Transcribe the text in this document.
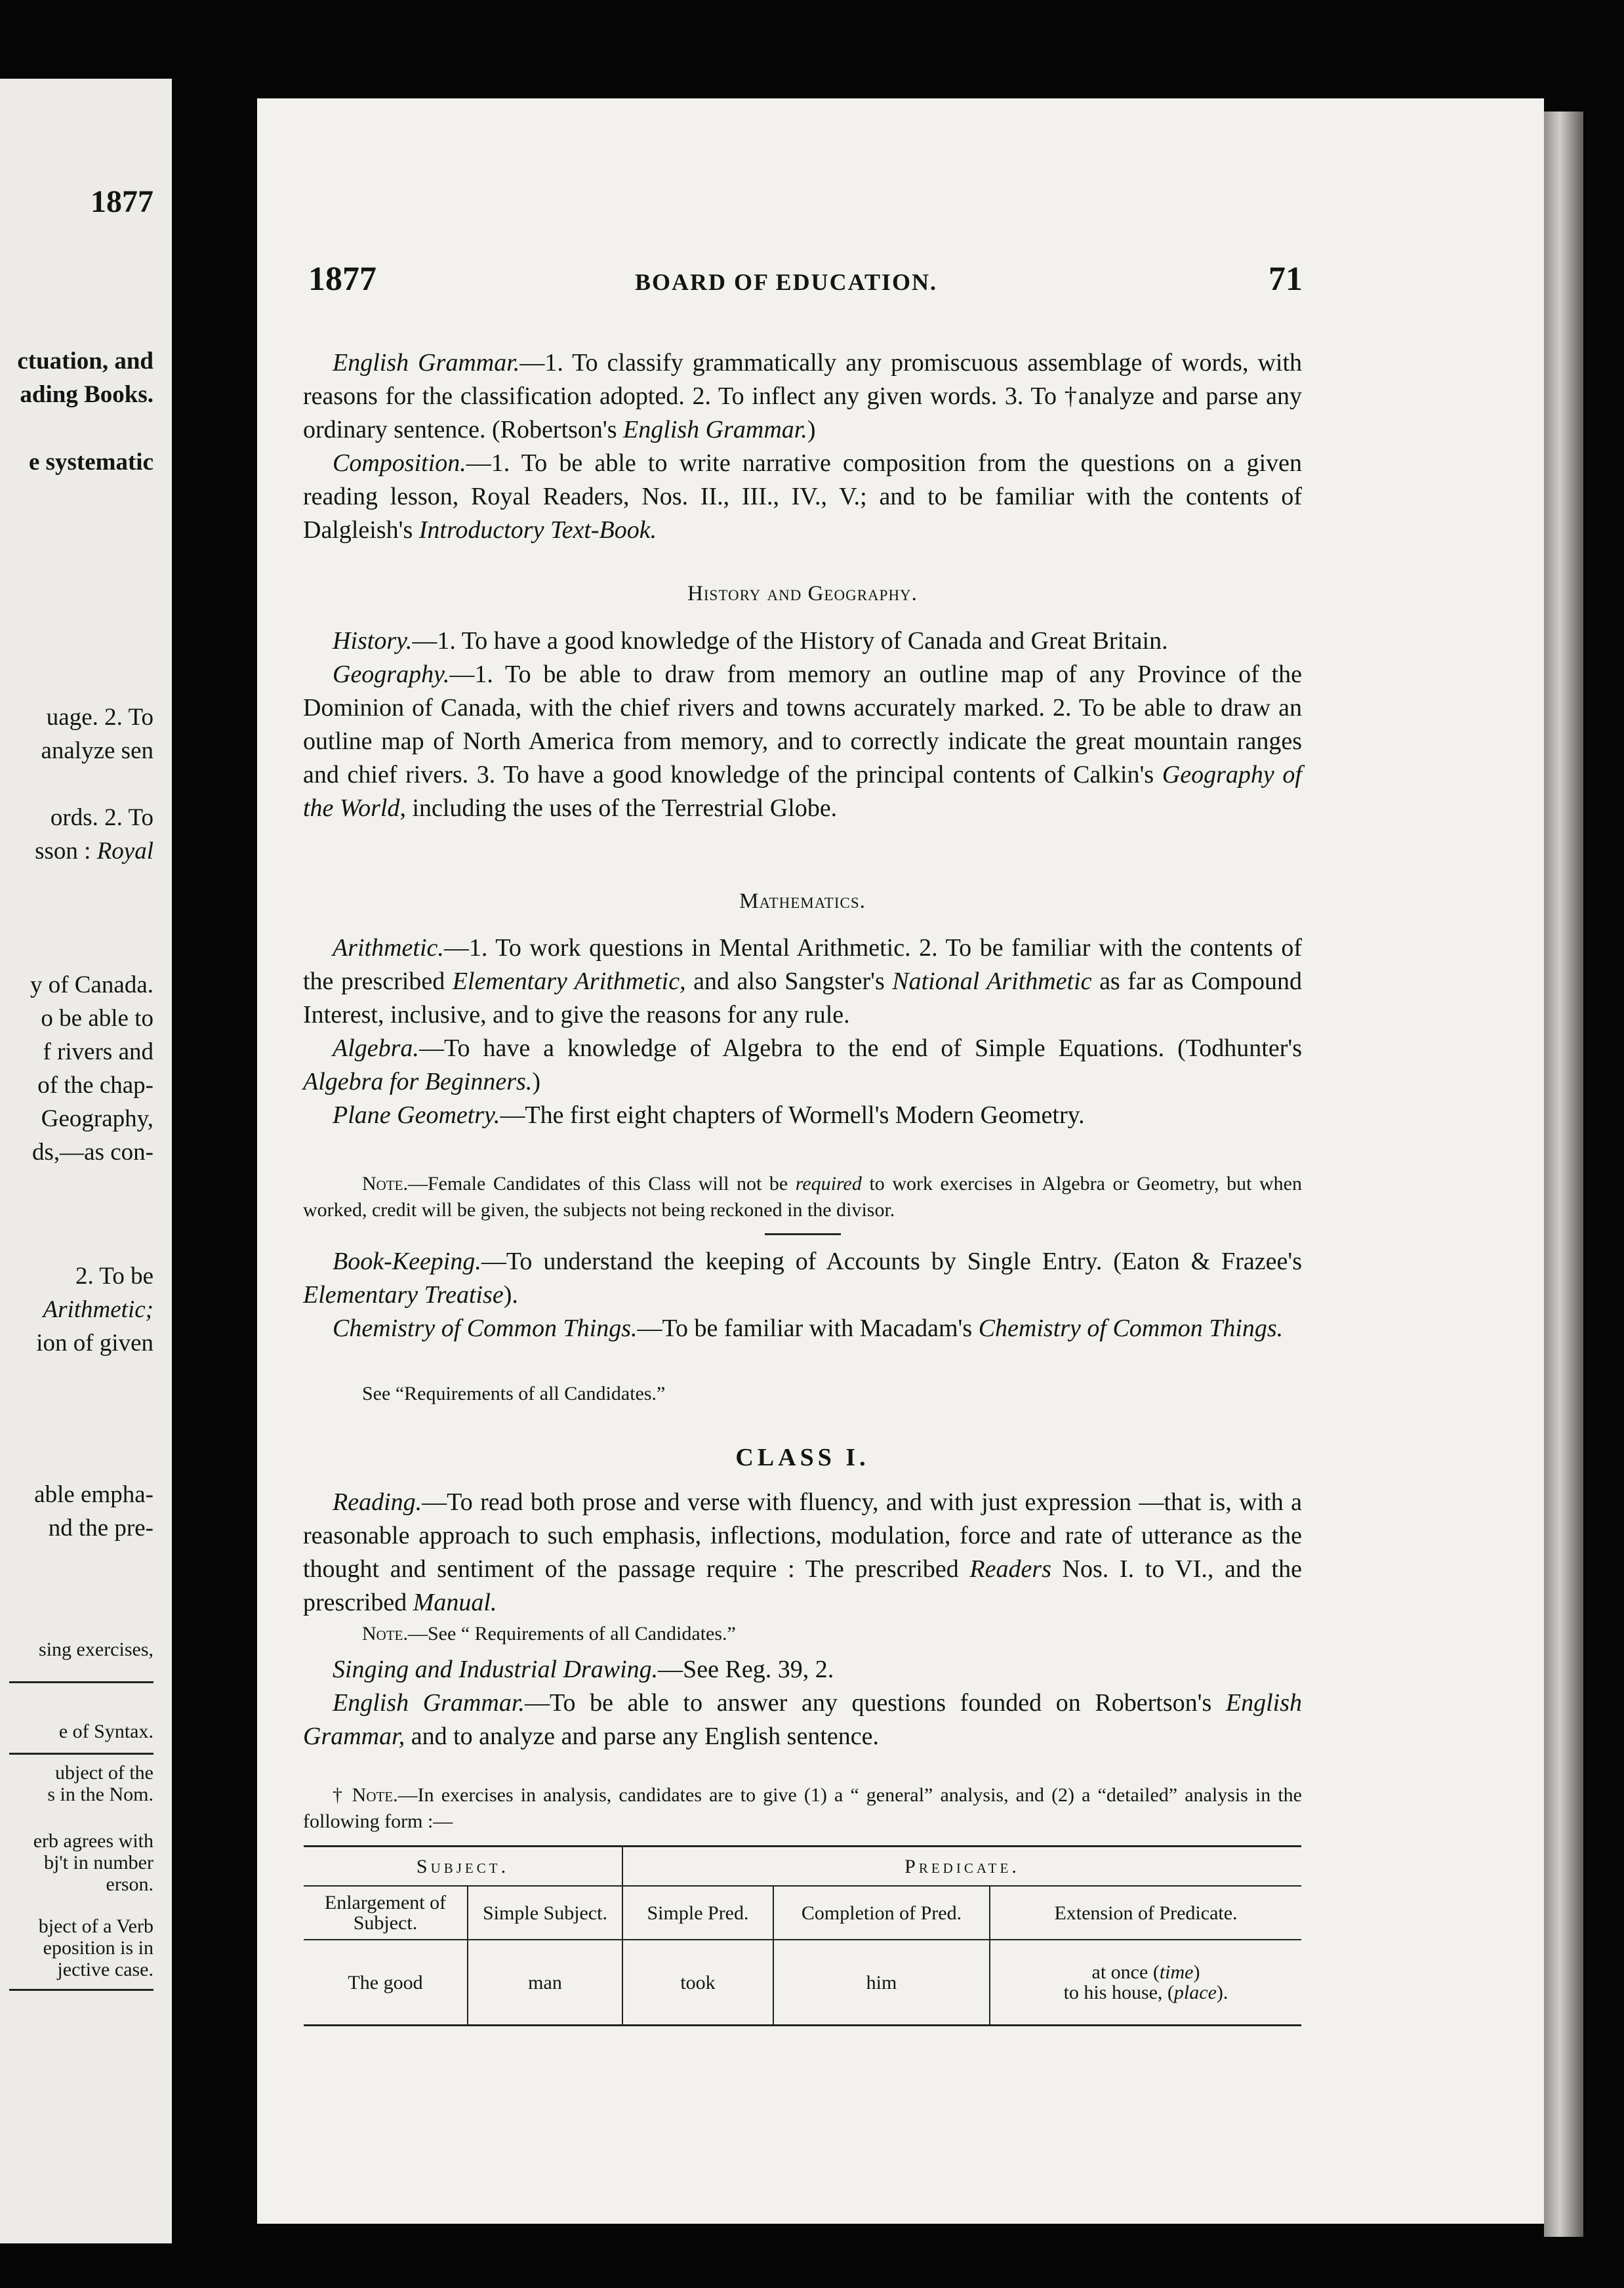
1877
ctuation, and
ading Books.
e systematic
uage. 2. To
analyze sen
ords. 2. To
sson : Royal
y of Canada.
o be able to
f rivers and
of the chap-
Geography,
ds,—as con-
2. To be
Arithmetic;
ion of given
able empha-
nd the pre-
sing exercises,
e of Syntax.
ubject of the
s in the Nom.
erb agrees with
bj't in number
erson.
bject of a Verb
eposition is in
jective case.
1877	BOARD OF EDUCATION.	71

English Grammar.—1. To classify grammatically any promiscuous assemblage of words, with reasons for the classification adopted. 2. To inflect any given words. 3. To †analyze and parse any ordinary sentence. (Robertson's English Grammar.)

Composition.—1. To be able to write narrative composition from the questions on a given reading lesson, Royal Readers, Nos. II., III., IV., V.; and to be familiar with the contents of Dalgleish's Introductory Text-Book.

History and Geography.

History.—1. To have a good knowledge of the History of Canada and Great Britain.

Geography.—1. To be able to draw from memory an outline map of any Province of the Dominion of Canada, with the chief rivers and towns accurately marked. 2. To be able to draw an outline map of North America from memory, and to correctly indicate the great mountain ranges and chief rivers. 3. To have a good knowledge of the principal contents of Calkin's Geography of the World, including the uses of the Terrestrial Globe.

Mathematics.

Arithmetic.—1. To work questions in Mental Arithmetic. 2. To be familiar with the contents of the prescribed Elementary Arithmetic, and also Sangster's National Arithmetic as far as Compound Interest, inclusive, and to give the reasons for any rule.

Algebra.—To have a knowledge of Algebra to the end of Simple Equations. (Todhunter's Algebra for Beginners.)

Plane Geometry.—The first eight chapters of Wormell's Modern Geometry.

Note.—Female Candidates of this Class will not be required to work exercises in Algebra or Geometry, but when worked, credit will be given, the subjects not being reckoned in the divisor.

Book-Keeping.—To understand the keeping of Accounts by Single Entry. (Eaton & Frazee's Elementary Treatise).

Chemistry of Common Things.—To be familiar with Macadam's Chemistry of Common Things.

See “Requirements of all Candidates.”

CLASS I.

Reading.—To read both prose and verse with fluency, and with just expression —that is, with a reasonable approach to such emphasis, inflections, modulation, force and rate of utterance as the thought and sentiment of the passage require : The prescribed Readers Nos. I. to VI., and the prescribed Manual.

Note.—See “ Requirements of all Candidates.”

Singing and Industrial Drawing.—See Reg. 39, 2.

English Grammar.—To be able to answer any questions founded on Robertson's English Grammar, and to analyze and parse any English sentence.

† Note.—In exercises in analysis, candidates are to give (1) a “ general” analysis, and (2) a “detailed” analysis in the following form :—

Subject.		Predicate.		
Enlargement of Subject.	Simple Subject.	Simple Pred.	Completion of Pred.	Extension of Predicate.
The good	man	took	him	at once (time)
to his house, (place).
